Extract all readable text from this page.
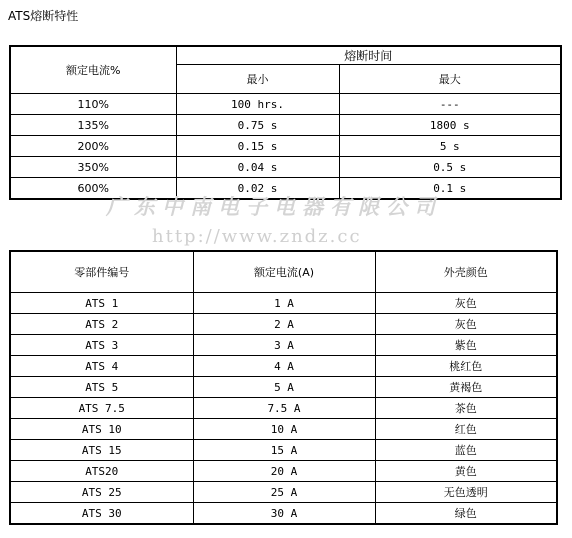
ATS熔断特性
额定电流%	熔断时间	
	最小	最大
110%	100 hrs.	---
135%	0.75 s	1800 s
200%	0.15 s	5 s
350%	0.04 s	0.5 s
600%	0.02 s	0.1 s
广东中南电子电器有限公司
http://www.zndz.cc
零部件编号	额定电流(A)	外壳颜色
ATS 1	1 A	灰色
ATS 2	2 A	灰色
ATS 3	3 A	紫色
ATS 4	4 A	桃红色
ATS 5	5 A	黄褐色
ATS 7.5	7.5 A	茶色
ATS 10	10 A	红色
ATS 15	15 A	蓝色
ATS20	20 A	黄色
ATS 25	25 A	无色透明
ATS 30	30 A	绿色
